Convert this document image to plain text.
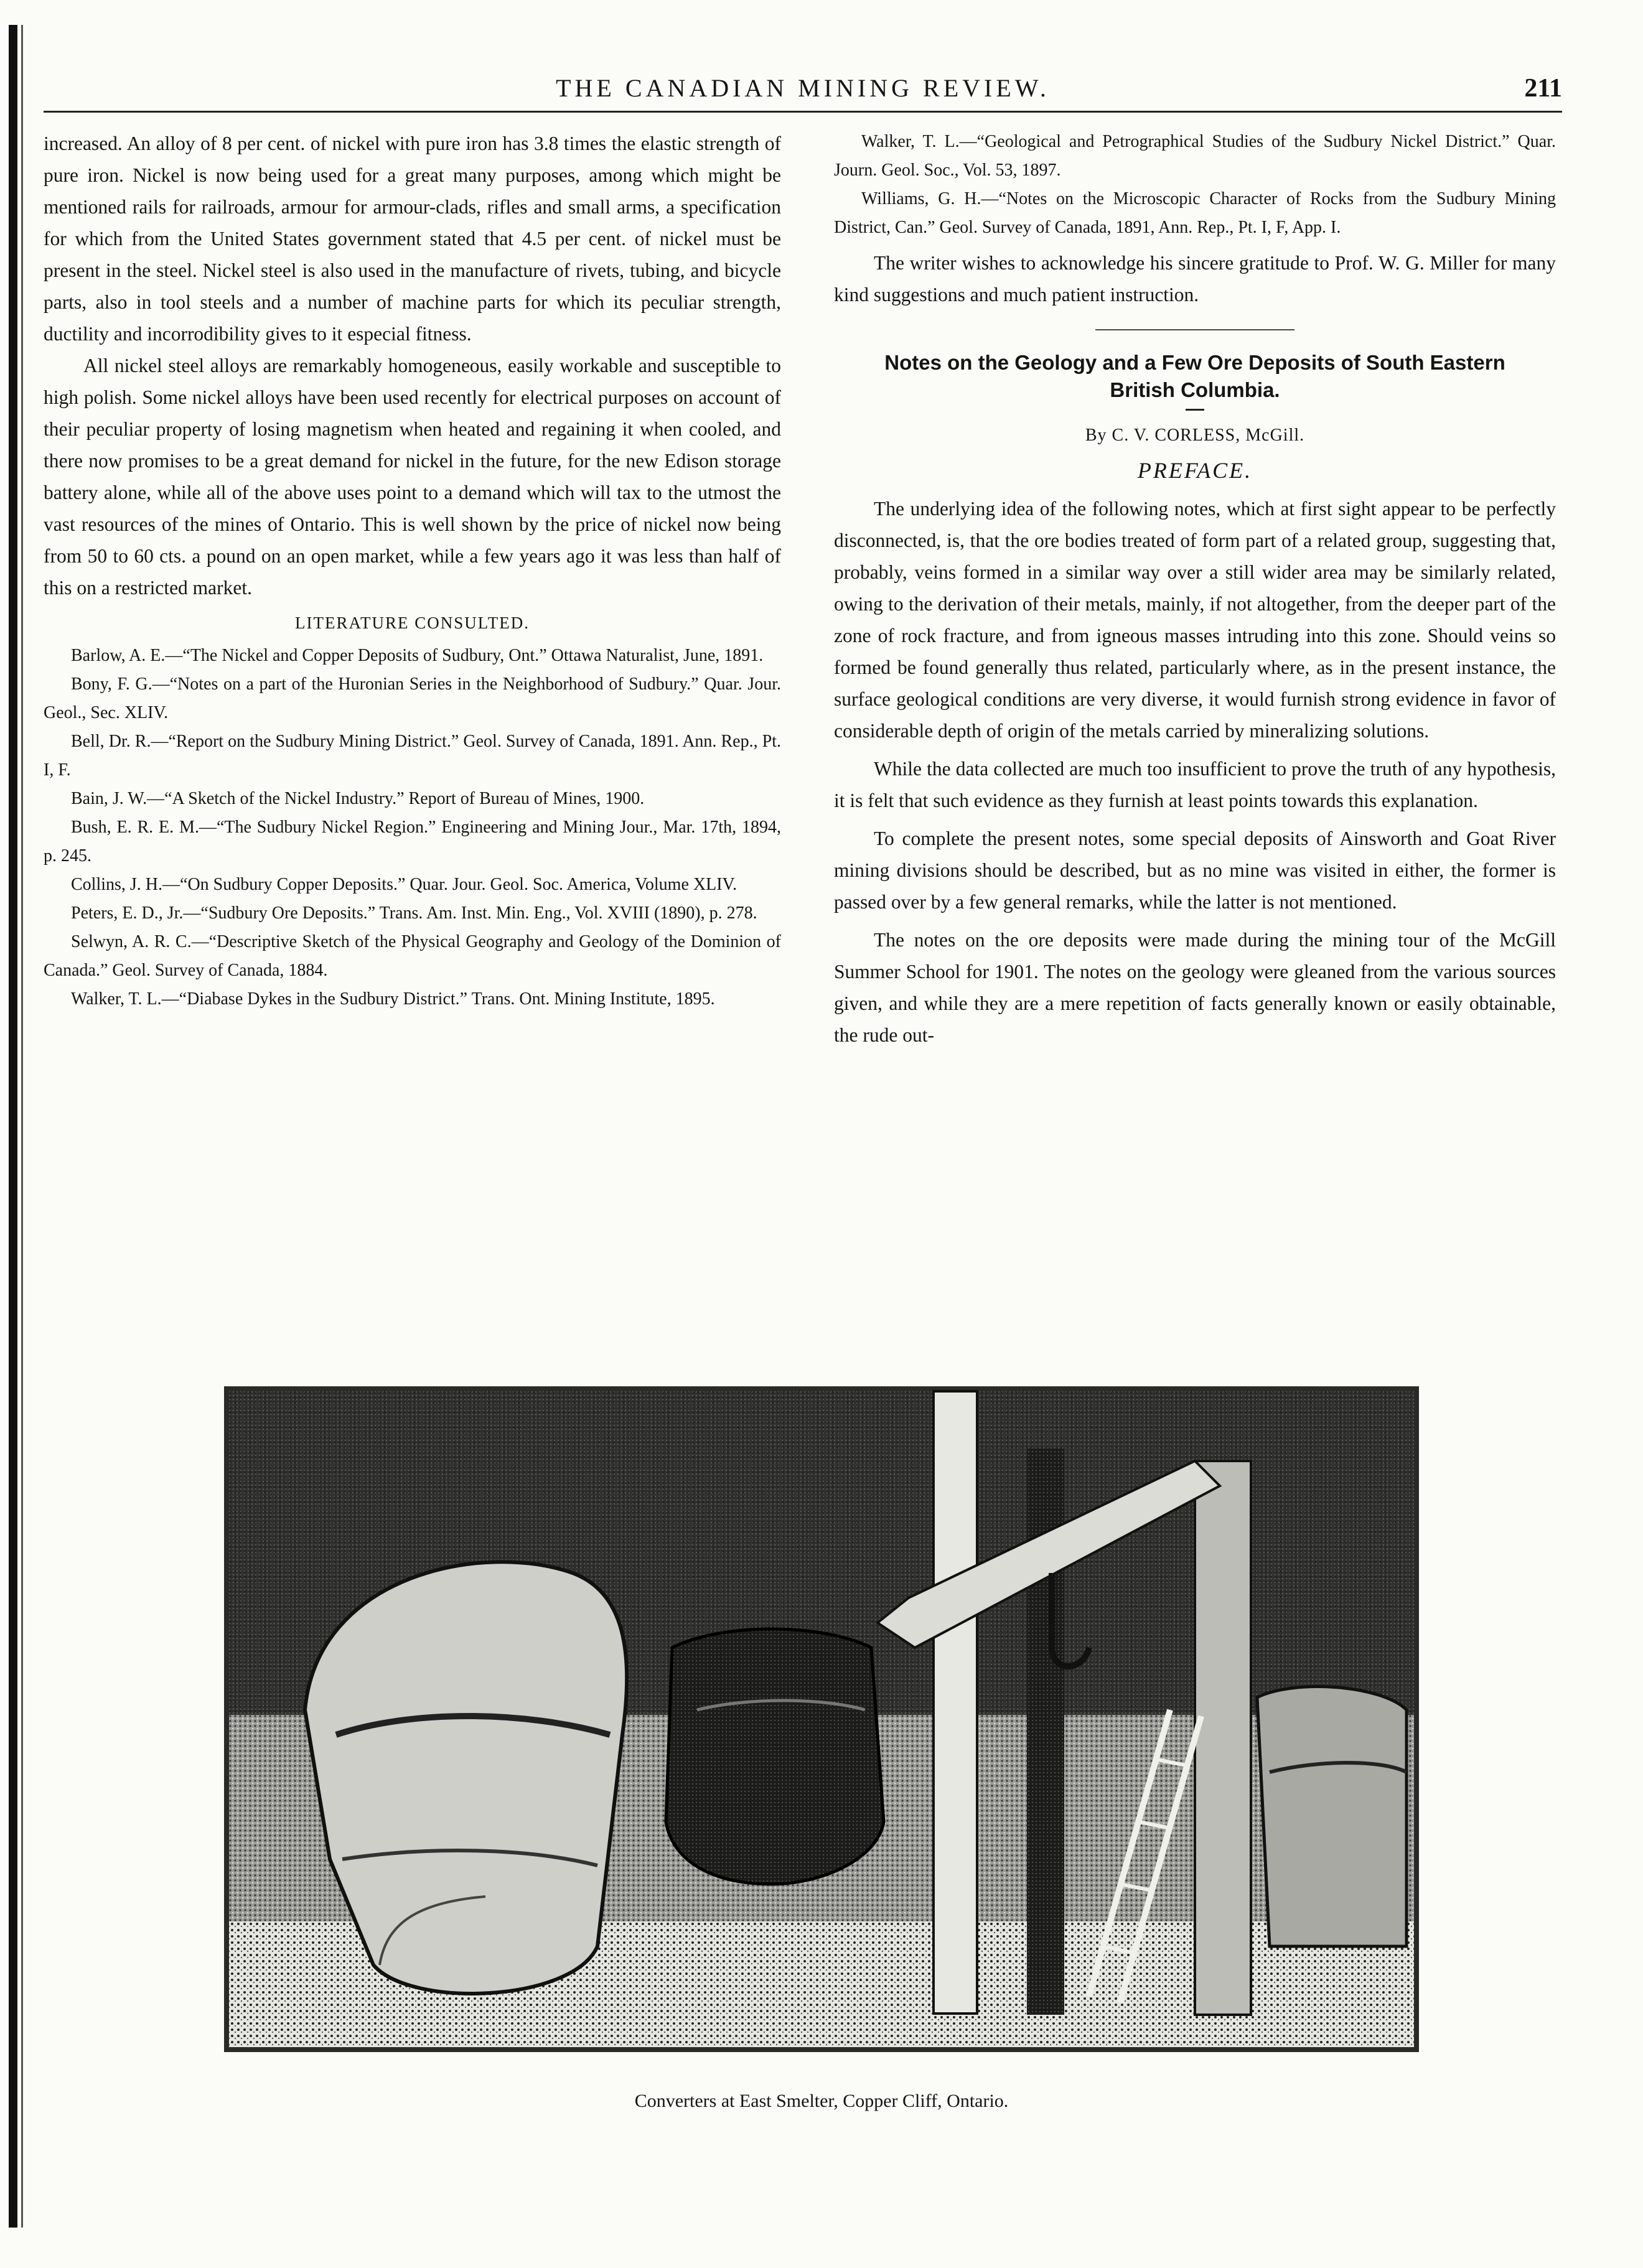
THE CANADIAN MINING REVIEW.	211

increased. An alloy of 8 per cent. of nickel with pure iron has 3.8 times the elastic strength of pure iron. Nickel is now being used for a great many purposes, among which might be mentioned rails for railroads, armour for armour-clads, rifles and small arms, a specification for which from the United States government stated that 4.5 per cent. of nickel must be present in the steel. Nickel steel is also used in the manufacture of rivets, tubing, and bicycle parts, also in tool steels and a number of machine parts for which its peculiar strength, ductility and incorrodibility gives to it especial fitness.

All nickel steel alloys are remarkably homogeneous, easily workable and susceptible to high polish. Some nickel alloys have been used recently for electrical purposes on account of their peculiar property of losing magnetism when heated and regaining it when cooled, and there now promises to be a great demand for nickel in the future, for the new Edison storage battery alone, while all of the above uses point to a demand which will tax to the utmost the vast resources of the mines of Ontario. This is well shown by the price of nickel now being from 50 to 60 cts. a pound on an open market, while a few years ago it was less than half of this on a restricted market.

LITERATURE CONSULTED.

Barlow, A. E.—“The Nickel and Copper Deposits of Sudbury, Ont.” Ottawa Naturalist, June, 1891.

Bony, F. G.—“Notes on a part of the Huronian Series in the Neighborhood of Sudbury.” Quar. Jour. Geol., Sec. XLIV.

Bell, Dr. R.—“Report on the Sudbury Mining District.” Geol. Survey of Canada, 1891. Ann. Rep., Pt. I, F.

Bain, J. W.—“A Sketch of the Nickel Industry.” Report of Bureau of Mines, 1900.

Bush, E. R. E. M.—“The Sudbury Nickel Region.” Engineering and Mining Jour., Mar. 17th, 1894, p. 245.

Collins, J. H.—“On Sudbury Copper Deposits.” Quar. Jour. Geol. Soc. America, Volume XLIV.

Peters, E. D., Jr.—“Sudbury Ore Deposits.” Trans. Am. Inst. Min. Eng., Vol. XVIII (1890), p. 278.

Selwyn, A. R. C.—“Descriptive Sketch of the Physical Geography and Geology of the Dominion of Canada.” Geol. Survey of Canada, 1884.

Walker, T. L.—“Diabase Dykes in the Sudbury District.” Trans. Ont. Mining Institute, 1895.

Walker, T. L.—“Geological and Petrographical Studies of the Sudbury Nickel District.” Quar. Journ. Geol. Soc., Vol. 53, 1897.

Williams, G. H.—“Notes on the Microscopic Character of Rocks from the Sudbury Mining District, Can.” Geol. Survey of Canada, 1891, Ann. Rep., Pt. I, F, App. I.

The writer wishes to acknowledge his sincere gratitude to Prof. W. G. Miller for many kind suggestions and much patient instruction.

Notes on the Geology and a Few Ore Deposits of South Eastern British Columbia.
By C. V. CORLESS, McGill.
PREFACE.

The underlying idea of the following notes, which at first sight appear to be perfectly disconnected, is, that the ore bodies treated of form part of a related group, suggesting that, probably, veins formed in a similar way over a still wider area may be similarly related, owing to the derivation of their metals, mainly, if not altogether, from the deeper part of the zone of rock fracture, and from igneous masses intruding into this zone. Should veins so formed be found generally thus related, particularly where, as in the present instance, the surface geological conditions are very diverse, it would furnish strong evidence in favor of considerable depth of origin of the metals carried by mineralizing solutions.

While the data collected are much too insufficient to prove the truth of any hypothesis, it is felt that such evidence as they furnish at least points towards this explanation.

To complete the present notes, some special deposits of Ainsworth and Goat River mining divisions should be described, but as no mine was visited in either, the former is passed over by a few general remarks, while the latter is not mentioned.

The notes on the ore deposits were made during the mining tour of the McGill Summer School for 1901. The notes on the geology were gleaned from the various sources given, and while they are a mere repetition of facts generally known or easily obtainable, the rude out-

Converters at East Smelter, Copper Cliff, Ontario.
